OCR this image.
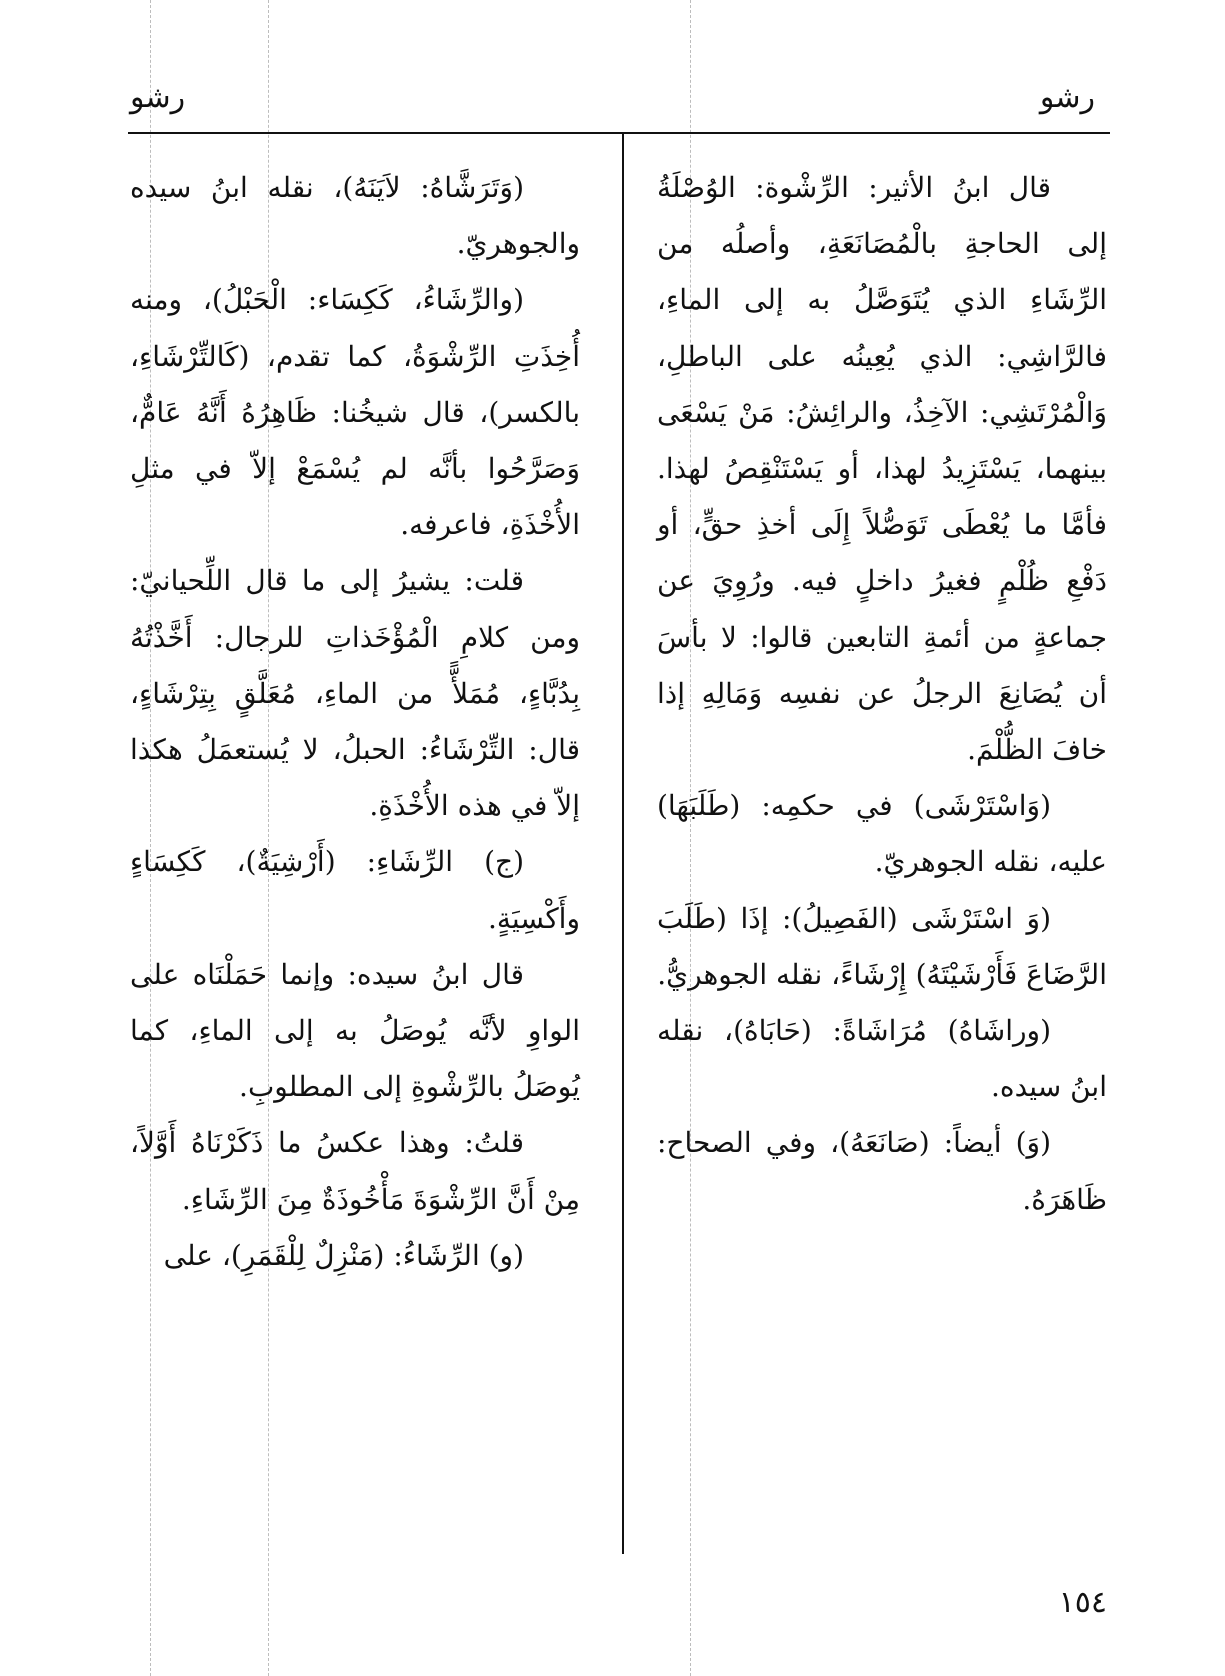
رشو
رشو

قال ابنُ الأثير: الرِّشْوة: الوُصْلَةُ إلى الحاجةِ بالْمُصَانَعَةِ، وأصلُه من الرِّشَاءِ الذي يُتَوَصَّلُ به إلى الماءِ، فالرَّاشِي: الذي يُعِينُه على الباطلِ، وَالْمُرْتَشِي: الآخِذُ، والرائِشُ: مَنْ يَسْعَى بينهما، يَسْتَزِيدُ لهذا، أو يَسْتَنْقِصُ لهذا. فأمَّا ما يُعْطَى تَوَصُّلاً إِلَى أخذِ حقٍّ، أو دَفْعِ ظُلْمٍ فغيرُ داخلٍ فيه. ورُوِيَ عن جماعةٍ من أئمةِ التابعين قالوا: لا بأسَ أن يُصَانِعَ الرجلُ عن نفسِه وَمَالِهِ إذا خافَ الظُّلْمَ.

(وَاسْتَرْشَى) في حكمِه: (طَلَبَهَا) عليه، نقله الجوهريّ.

(وَ اسْتَرْشَى (الفَصِيلُ): إذَا (طَلَبَ الرَّضَاعَ فَأَرْشَيْتَهُ) إِرْشَاءً، نقله الجوهريُّ.

(وراشَاهُ) مُرَاشَاةً: (حَابَاهُ)، نقله ابنُ سيده.

(وَ) أيضاً: (صَانَعَهُ)، وفي الصحاح: ظَاهَرَهُ.

(وَتَرَشَّاهُ: لاَيَنَهُ)، نقله ابنُ سيده والجوهريّ.

(والرِّشَاءُ، كَكِسَاء: الْحَبْلُ)، ومنه أُخِذَتِ الرِّشْوَةُ، كما تقدم، (كَالتِّرْشَاءِ، بالكسر)، قال شيخُنا: ظَاهِرُهُ أَنَّهُ عَامٌّ، وَصَرَّحُوا بأنَّه لم يُسْمَعْ إلاّ في مثلِ الأُخْذَةِ، فاعرفه.

قلت: يشيرُ إلى ما قال اللِّحيانيّ: ومن كلامِ الْمُؤْخَذاتِ للرجال: أَخَّذْتُهُ بِدُبَّاءٍ، مُمَلأًّ من الماءِ، مُعَلَّقٍ بِتِرْشَاءٍ، قال: التِّرْشَاءُ: الحبلُ، لا يُستعمَلُ هكذا إلاّ في هذه الأُخْذَةِ.

(ج) الرِّشَاءِ: (أَرْشِيَةٌ)، كَكِسَاءٍ وأَكْسِيَةٍ.

قال ابنُ سيده: وإنما حَمَلْنَاه على الواوِ لأنَّه يُوصَلُ به إلى الماءِ، كما يُوصَلُ بالرِّشْوةِ إلى المطلوبِ.

قلتُ: وهذا عكسُ ما ذَكَرْنَاهُ أَوَّلاً، مِنْ أَنَّ الرِّشْوَةَ مَأْخُوذَةٌ مِنَ الرِّشَاءِ.

(و) الرِّشَاءُ: (مَنْزِلٌ لِلْقَمَرِ)، على

١٥٤
